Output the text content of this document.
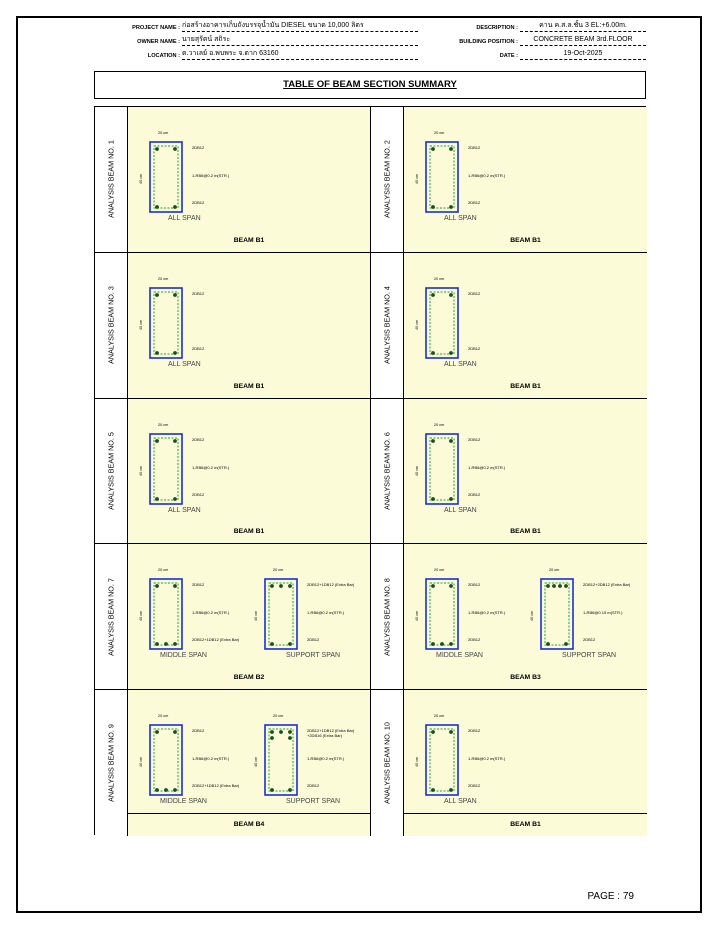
PROJECT NAME : ก่อสร้างอาคารเก็บถังบรรจุน้ำมัน DIESEL ขนาด 10,000 ลิตร
OWNER NAME : นายสุรัตน์ สถิระ
LOCATION : ต.วาเลย์ อ.พบพระ จ.ตาก 63160
DESCRIPTION :	คาน ค.ส.ล.ชั้น 3 EL:+6.00m.
BUILDING POSITION :	CONCRETE BEAM 3rd.FLOOR
DATE :	19-Oct-2025
TABLE OF BEAM SECTION SUMMARY
ANALYSIS BEAM NO. 1
20 cm
40 cm
2DB12
1-RB6@0.2 m(STR.)
2DB12
ALL SPAN
BEAM B1
ANALYSIS BEAM NO. 2
20 cm
40 cm
2DB12
1-RB6@0.2 m(STR.)
2DB12
ALL SPAN
BEAM B1
ANALYSIS BEAM NO. 3
20 cm
40 cm
2DB12
2DB12
ALL SPAN
BEAM B1
ANALYSIS BEAM NO. 4
20 cm
40 cm
2DB12
2DB12
ALL SPAN
BEAM B1
ANALYSIS BEAM NO. 5
20 cm
40 cm
2DB12
1-RB6@0.2 m(STR.)
2DB12
ALL SPAN
BEAM B1
ANALYSIS BEAM NO. 6
20 cm
40 cm
2DB12
1-RB6@0.2 m(STR.)
2DB12
ALL SPAN
BEAM B1
ANALYSIS BEAM NO. 7
20 cm
40 cm
2DB12
1-RB6@0.2 m(STR.)
2DB12+1DB12 (Extra Bar)
20 cm
40 cm
2DB12+1DB12 (Extra Bar)
1-RB6@0.2 m(STR.)
2DB12
MIDDLE SPAN	SUPPORT SPAN
BEAM B2
ANALYSIS BEAM NO. 8
20 cm
40 cm
2DB12
1-RB6@0.2 m(STR.)
2DB12
20 cm
40 cm
2DB12+2DB12 (Extra Bar)
1-RB6@0.15 m(STR.)
2DB12
MIDDLE SPAN	SUPPORT SPAN
BEAM B3
ANALYSIS BEAM NO. 9
20 cm
40 cm
2DB12
1-RB6@0.2 m(STR.)
2DB12+1DB12 (Extra Bar)
20 cm
40 cm
2DB12+1DB12 (Extra Bar)
+2DB16 (Extra Bar)
1-RB6@0.2 m(STR.)
2DB12
MIDDLE SPAN	SUPPORT SPAN
BEAM B4
ANALYSIS BEAM NO. 10
20 cm
40 cm
2DB12
1-RB6@0.2 m(STR.)
2DB12
ALL SPAN
BEAM B1
PAGE : 79
